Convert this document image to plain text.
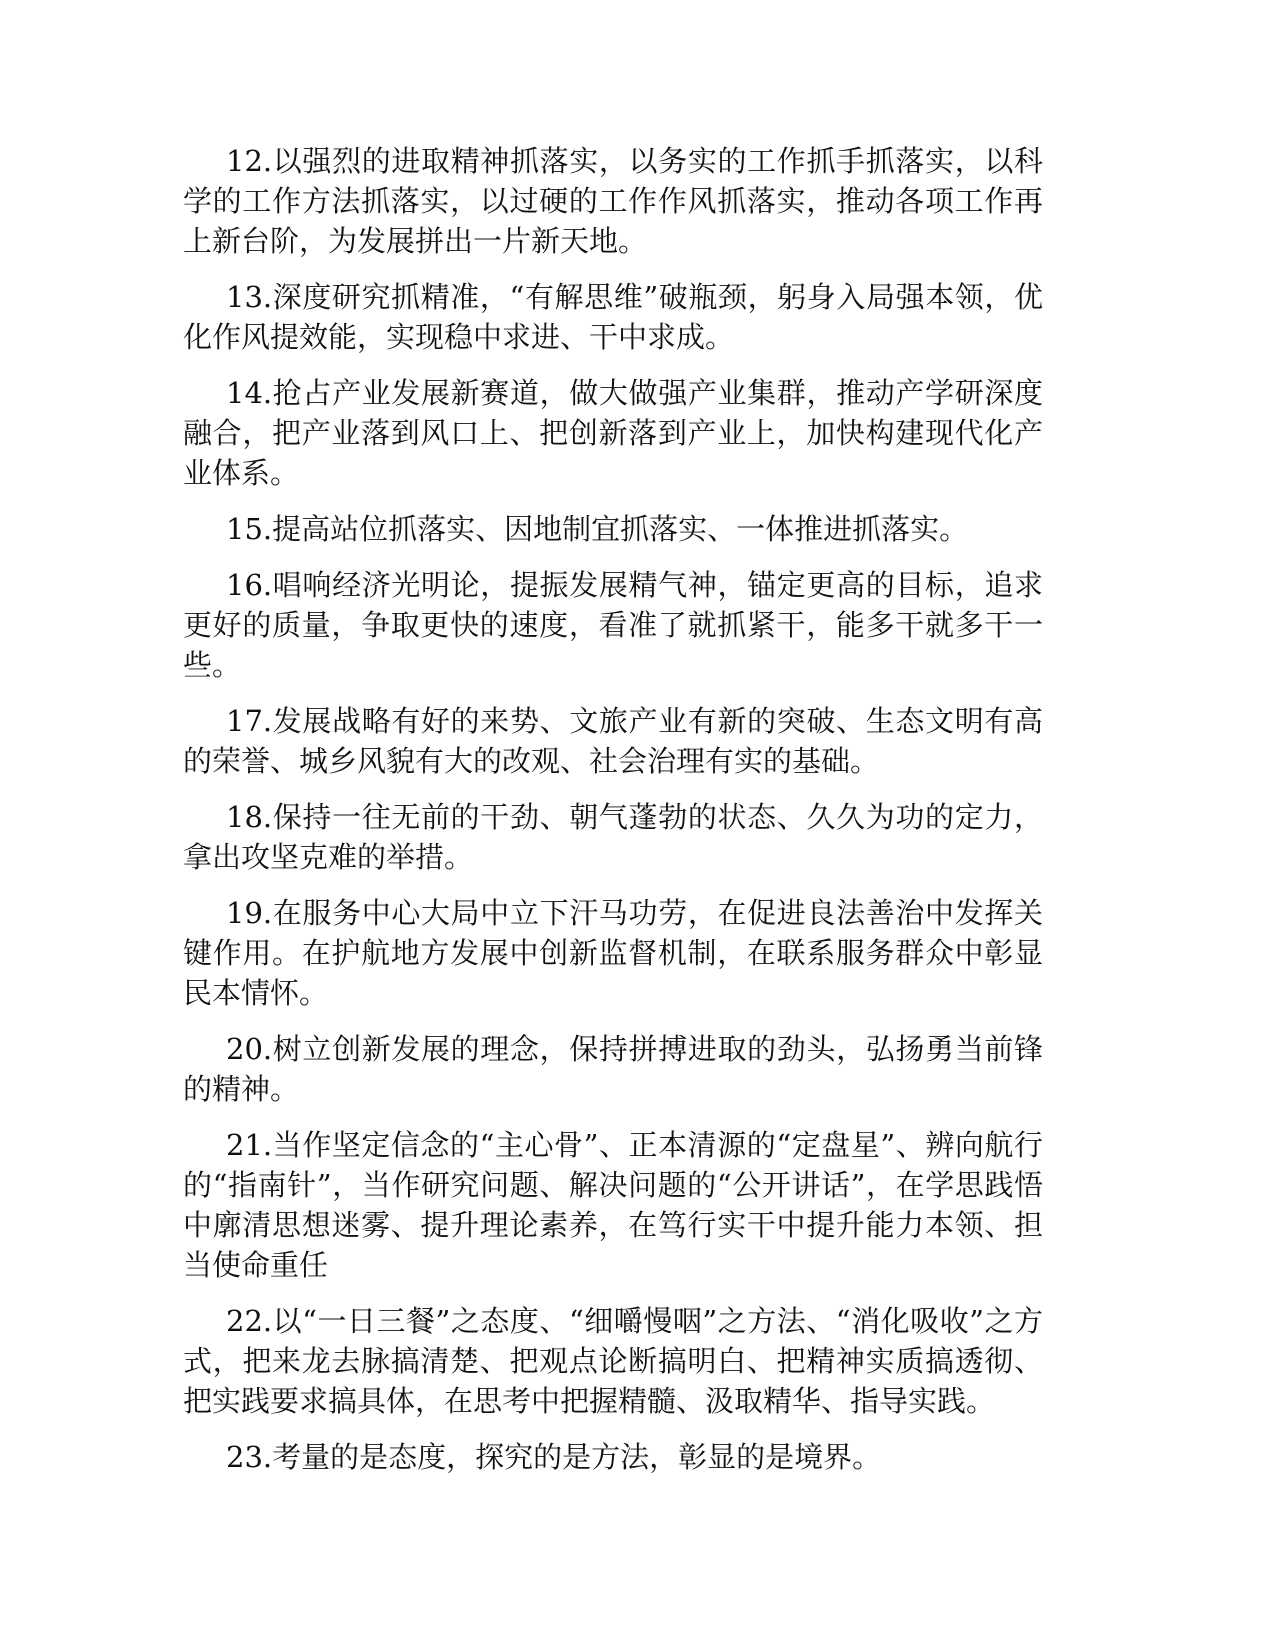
12.以强烈的进取精神抓落实，以务实的工作抓手抓落实，以科学的工作方法抓落实，以过硬的工作作风抓落实，推动各项工作再上新台阶，为发展拼出一片新天地。

13.深度研究抓精准，“有解思维”破瓶颈，躬身入局强本领，优化作风提效能，实现稳中求进、干中求成。

14.抢占产业发展新赛道，做大做强产业集群，推动产学研深度融合，把产业落到风口上、把创新落到产业上，加快构建现代化产业体系。

15.提高站位抓落实、因地制宜抓落实、一体推进抓落实。

16.唱响经济光明论，提振发展精气神，锚定更高的目标，追求更好的质量，争取更快的速度，看准了就抓紧干，能多干就多干一些。

17.发展战略有好的来势、文旅产业有新的突破、生态文明有高的荣誉、城乡风貌有大的改观、社会治理有实的基础。

18.保持一往无前的干劲、朝气蓬勃的状态、久久为功的定力，拿出攻坚克难的举措。

19.在服务中心大局中立下汗马功劳，在促进良法善治中发挥关键作用。在护航地方发展中创新监督机制，在联系服务群众中彰显民本情怀。

20.树立创新发展的理念，保持拼搏进取的劲头，弘扬勇当前锋的精神。

21.当作坚定信念的“主心骨”、正本清源的“定盘星”、辨向航行的“指南针”，当作研究问题、解决问题的“公开讲话”，在学思践悟中廓清思想迷雾、提升理论素养，在笃行实干中提升能力本领、担当使命重任

22.以“一日三餐”之态度、“细嚼慢咽”之方法、“消化吸收”之方式，把来龙去脉搞清楚、把观点论断搞明白、把精神实质搞透彻、把实践要求搞具体，在思考中把握精髓、汲取精华、指导实践。

23.考量的是态度，探究的是方法，彰显的是境界。
